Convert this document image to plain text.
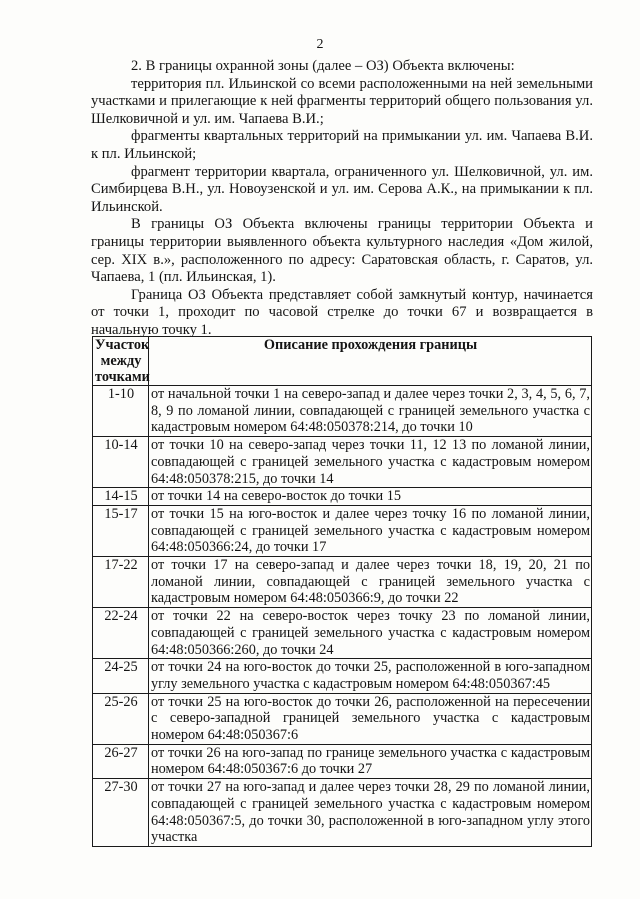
2

2. В границы охранной зоны (далее – ОЗ) Объекта включены:

территория пл. Ильинской со всеми расположенными на ней земельными участками и прилегающие к ней фрагменты территорий общего пользования ул. Шелковичной и ул. им. Чапаева В.И.;

фрагменты квартальных территорий на примыкании ул. им. Чапаева В.И. к пл. Ильинской;

фрагмент территории квартала, ограниченного ул. Шелковичной, ул. им. Симбирцева В.Н., ул. Новоузенской и ул. им. Серова А.К., на примыкании к пл. Ильинской.

В границы ОЗ Объекта включены границы территории Объекта и границы территории выявленного объекта культурного наследия «Дом жилой, сер. XIX в.», расположенного по адресу: Саратовская область, г. Саратов, ул. Чапаева, 1 (пл. Ильинская, 1).

Граница ОЗ Объекта представляет собой замкнутый контур, начинается от точки 1, проходит по часовой стрелке до точки 67 и возвращается в начальную точку 1.

Участок между точками	Описание прохождения границы
1-10	от начальной точки 1 на северо-запад и далее через точки 2, 3, 4, 5, 6, 7, 8, 9 по ломаной линии, совпадающей с границей земельного участка с кадастровым номером 64:48:050378:214, до точки 10
10-14	от точки 10 на северо-запад через точки 11, 12 13 по ломаной линии, совпадающей с границей земельного участка с кадастровым номером 64:48:050378:215, до точки 14
14-15	от точки 14 на северо-восток до точки 15
15-17	от точки 15 на юго-восток и далее через точку 16 по ломаной линии, совпадающей с границей земельного участка с кадастровым номером 64:48:050366:24, до точки 17
17-22	от точки 17 на северо-запад и далее через точки 18, 19, 20, 21 по ломаной линии, совпадающей с границей земельного участка с кадастровым номером 64:48:050366:9, до точки 22
22-24	от точки 22 на северо-восток через точку 23 по ломаной линии, совпадающей с границей земельного участка с кадастровым номером 64:48:050366:260, до точки 24
24-25	от точки 24 на юго-восток до точки 25, расположенной в юго-западном углу земельного участка с кадастровым номером 64:48:050367:45
25-26	от точки 25 на юго-восток до точки 26, расположенной на пересечении с северо-западной границей земельного участка с кадастровым номером 64:48:050367:6
26-27	от точки 26 на юго-запад по границе земельного участка с кадастровым номером 64:48:050367:6 до точки 27
27-30	от точки 27 на юго-запад и далее через точки 28, 29 по ломаной линии, совпадающей с границей земельного участка с кадастровым номером 64:48:050367:5, до точки 30, расположенной в юго-западном углу этого участка
